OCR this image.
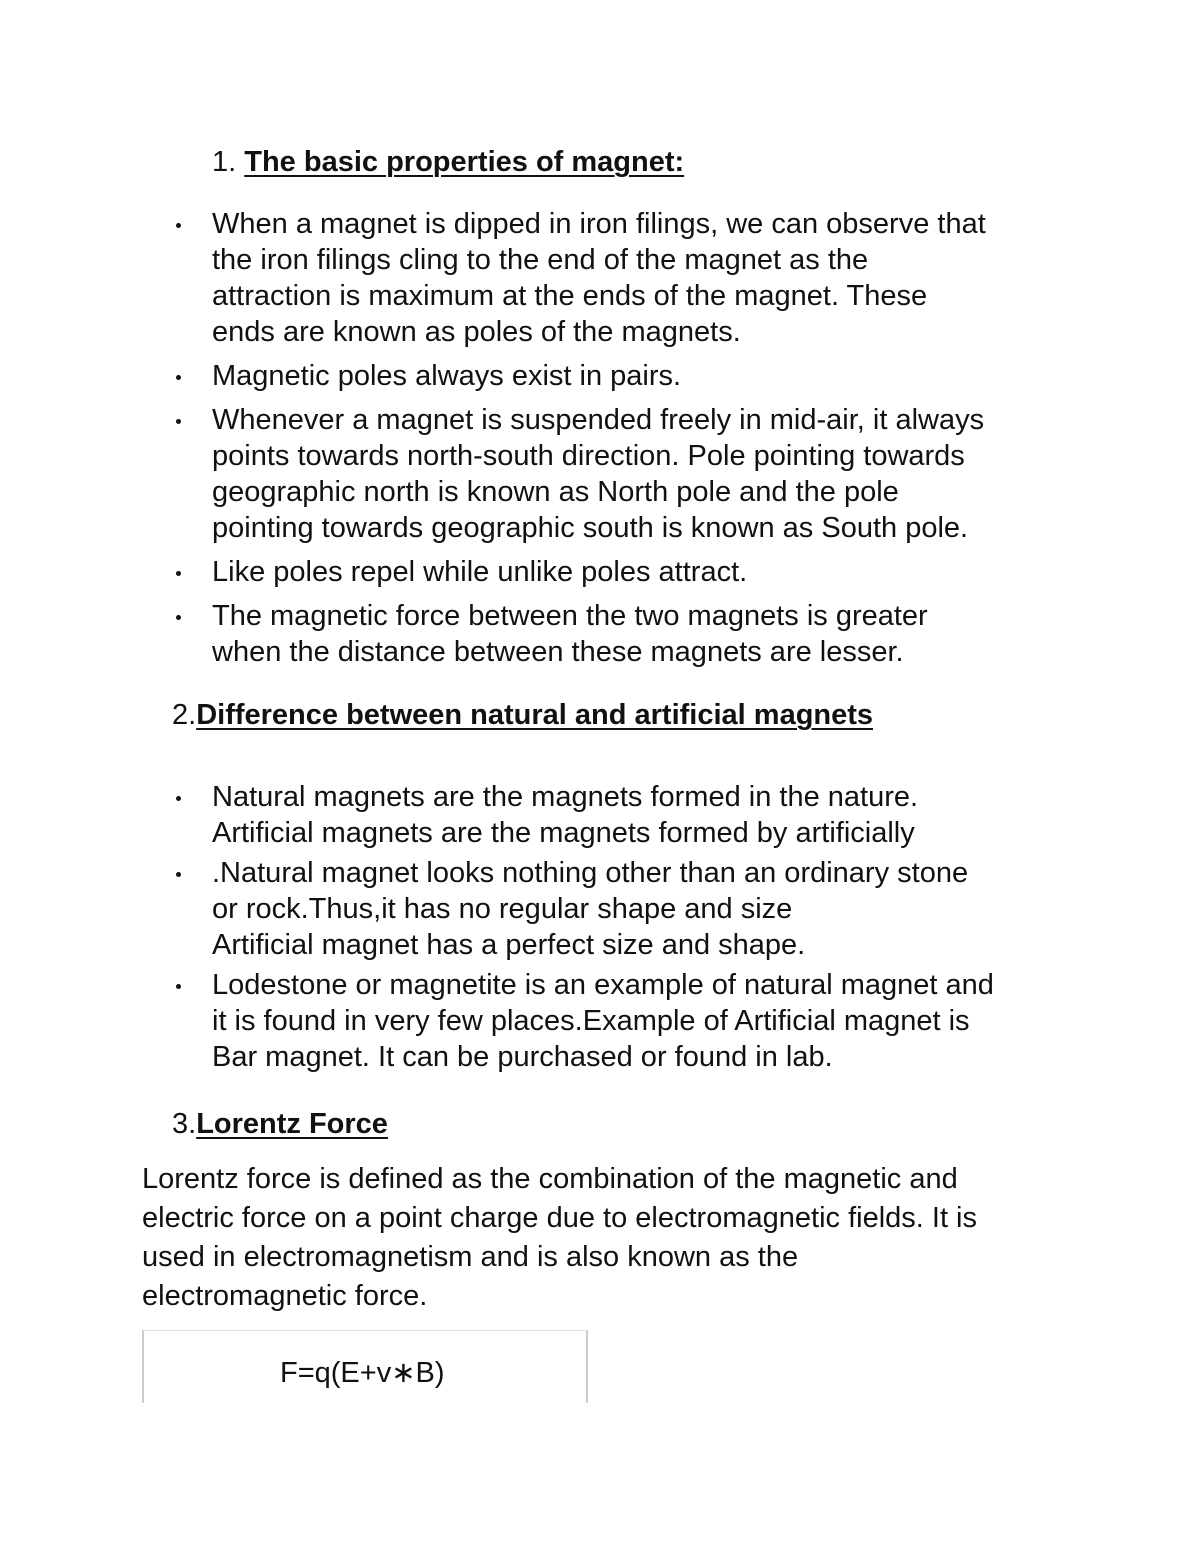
1. The basic properties of magnet:
When a magnet is dipped in iron filings, we can observe that
the iron filings cling to the end of the magnet as the
attraction is maximum at the ends of the magnet. These
ends are known as poles of the magnets.
Magnetic poles always exist in pairs.
Whenever a magnet is suspended freely in mid-air, it always
points towards north-south direction. Pole pointing towards
geographic north is known as North pole and the pole
pointing towards geographic south is known as South pole.
Like poles repel while unlike poles attract.
The magnetic force between the two magnets is greater
when the distance between these magnets are lesser.
2.Difference between natural and artificial magnets
Natural magnets are the magnets formed in the nature.
Artificial magnets are the magnets formed by artificially
.Natural magnet looks nothing other than an ordinary stone
or rock.Thus,it has no regular shape and size
Artificial magnet has a perfect size and shape.
Lodestone or magnetite is an example of natural magnet and
it is found in very few places.Example of Artificial magnet is
Bar magnet. It can be purchased or found in lab.
3.Lorentz Force
Lorentz force is defined as the combination of the magnetic and
electric force on a point charge due to electromagnetic fields. It is
used in electromagnetism and is also known as the
electromagnetic force.
F=q(E+v∗B)
